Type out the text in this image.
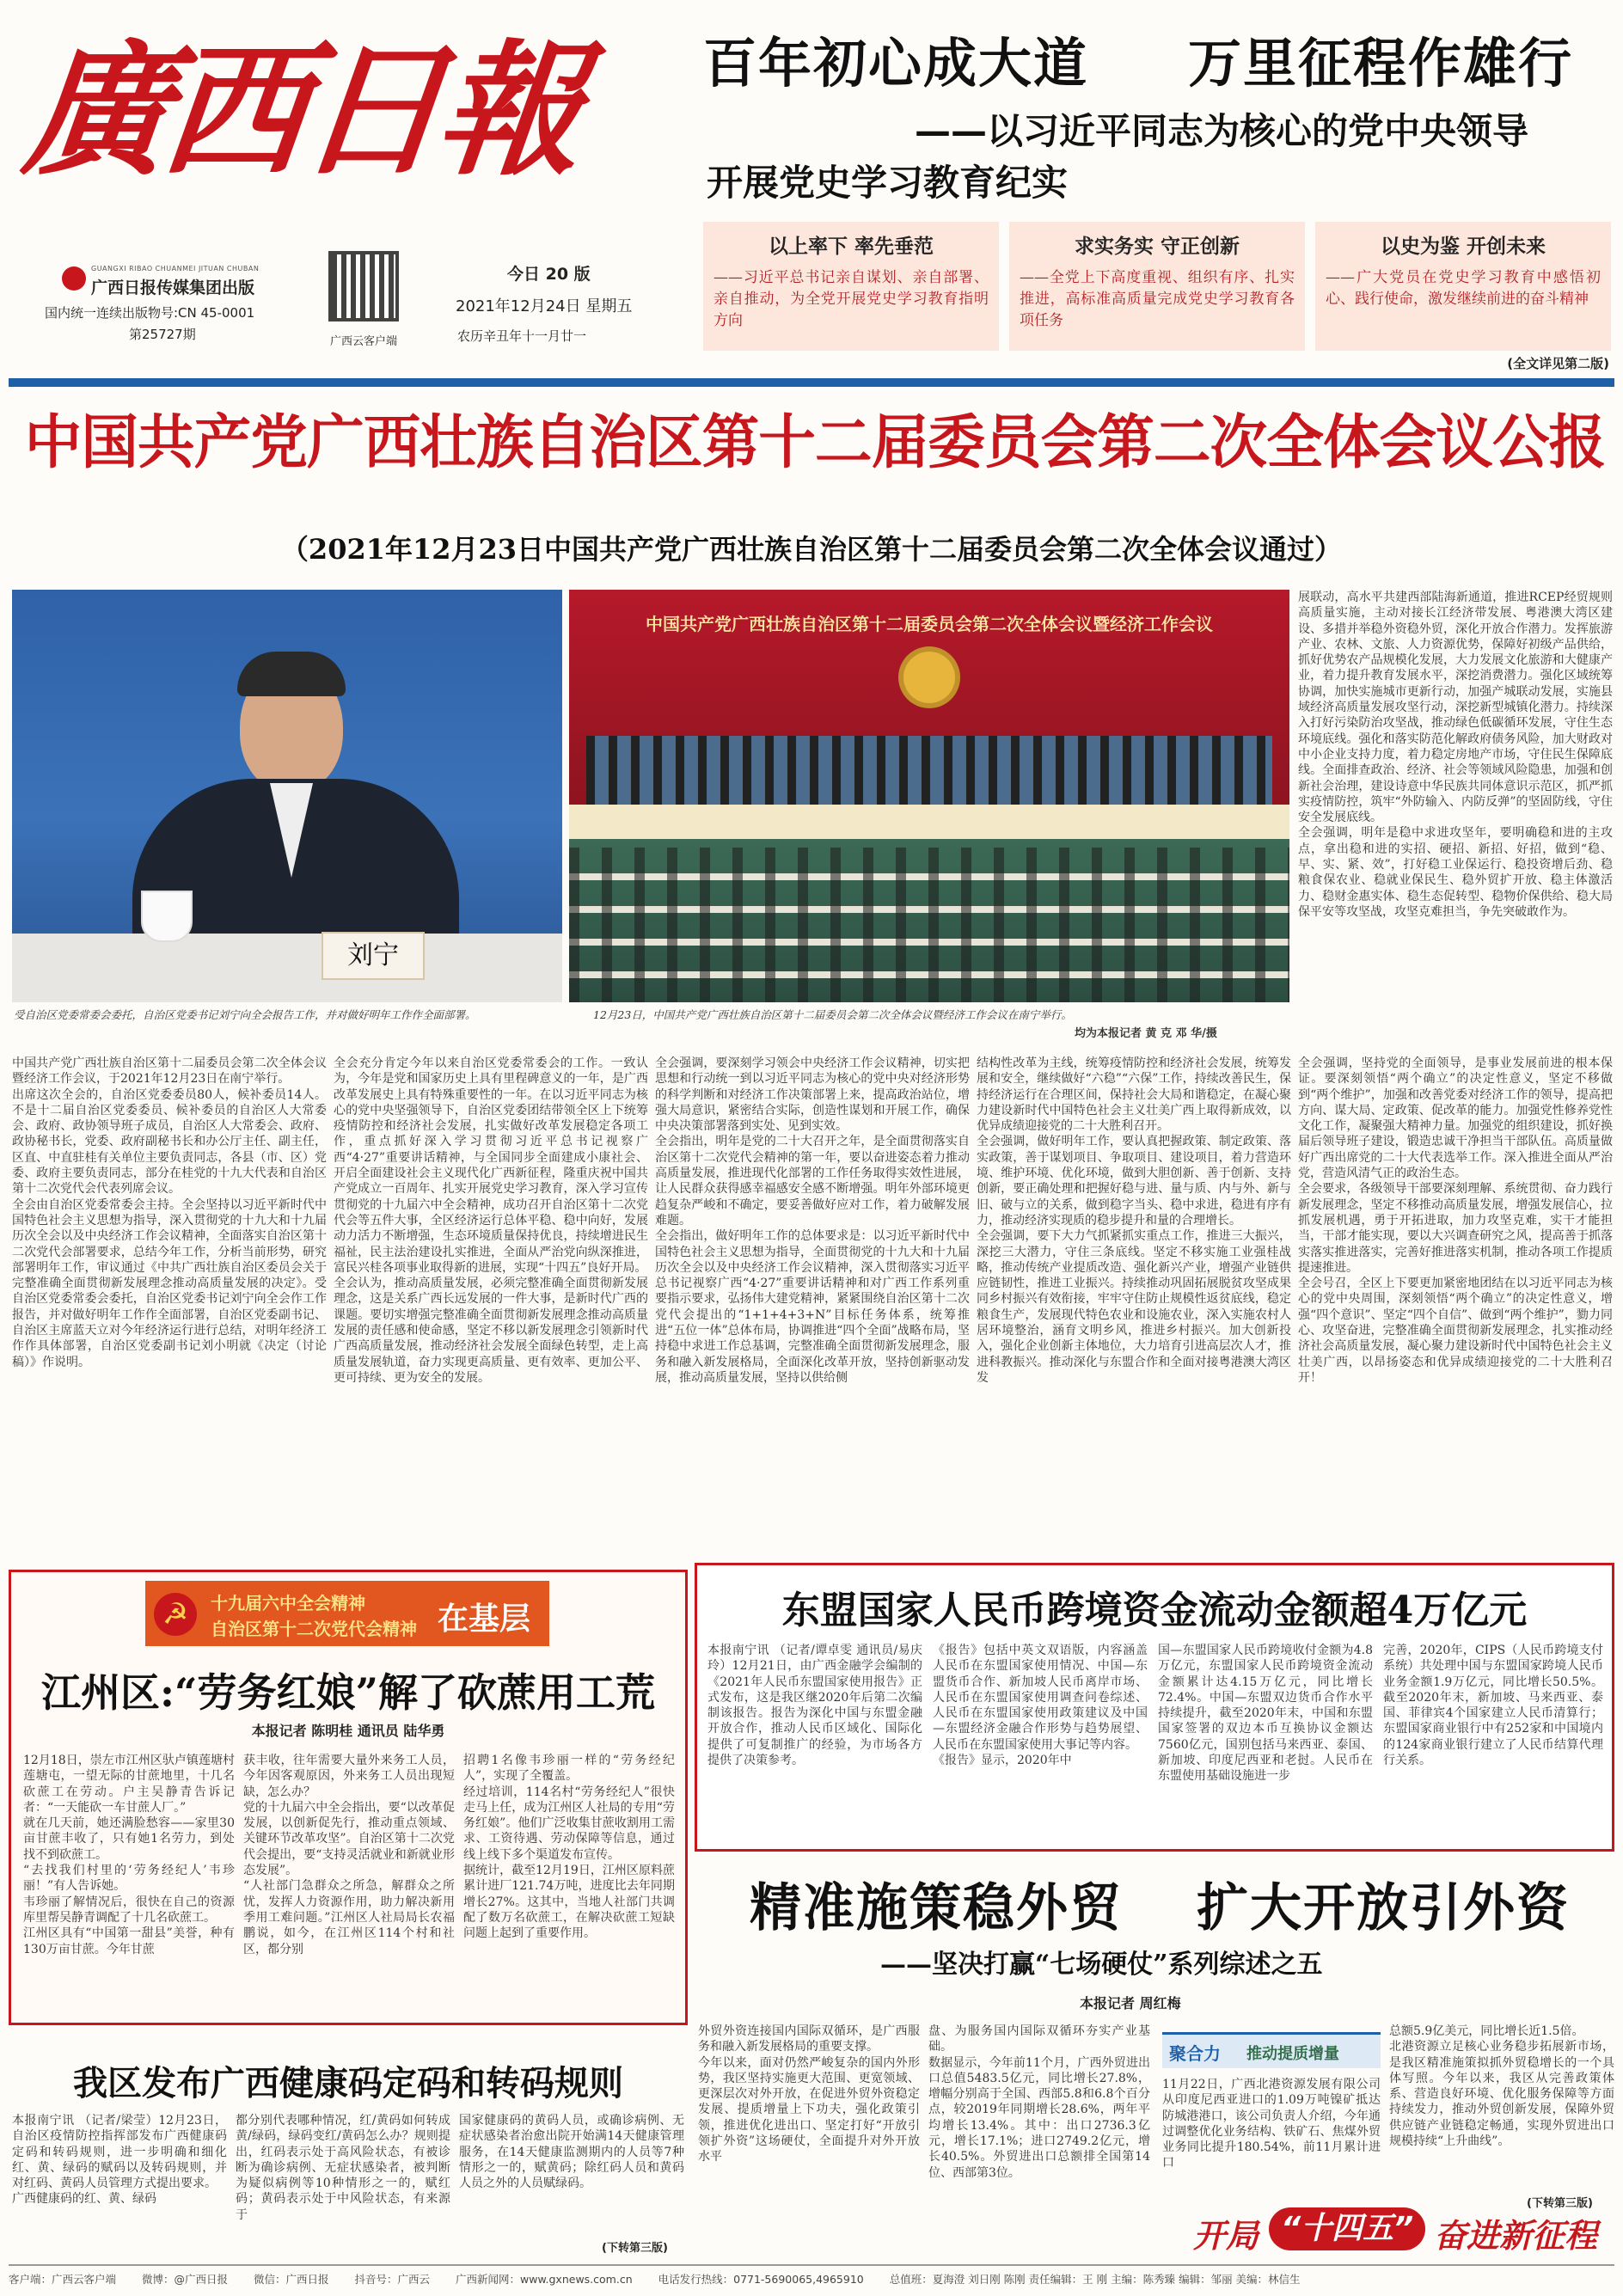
廣西日報
GUANGXI RIBAO CHUANMEI JITUAN CHUBAN
广西日报传媒集团出版
国内统一连续出版物号:CN 45-0001
第25727期	广西云客户端
今日 20 版
2021年12月24日 星期五
农历辛丑年十一月廿一
百年初心成大道 万里征程作雄行
——以习近平同志为核心的党中央领导
开展党史学习教育纪实
以上率下 率先垂范
——习近平总书记亲自谋划、亲自部署、亲自推动，为全党开展党史学习教育指明方向
求实务实 守正创新
——全党上下高度重视、组织有序、扎实推进，高标准高质量完成党史学习教育各项任务
以史为鉴 开创未来
——广大党员在党史学习教育中感悟初心、践行使命，激发继续前进的奋斗精神
(全文详见第二版)
中国共产党广西壮族自治区第十二届委员会第二次全体会议公报
（2021年12月23日中国共产党广西壮族自治区第十二届委员会第二次全体会议通过）
刘宁
受自治区党委常委会委托，自治区党委书记刘宁向全会报告工作，并对做好明年工作作全面部署。
中国共产党广西壮族自治区第十二届委员会第二次全体会议暨经济工作会议
12月23日，中国共产党广西壮族自治区第十二届委员会第二次全体会议暨经济工作会议在南宁举行。
均为本报记者 黄 克 邓 华/摄
中国共产党广西壮族自治区第十二届委员会第二次全体会议暨经济工作会议，于2021年12月23日在南宁举行。
出席这次全会的，自治区党委委员80人，候补委员14人。不是十二届自治区党委委员、候补委员的自治区人大常委会、政府、政协领导班子成员，自治区人大常委会、政府、政协秘书长，党委、政府副秘书长和办公厅主任、副主任，区直、中直驻桂有关单位主要负责同志，各县（市、区）党委、政府主要负责同志，部分在桂党的十九大代表和自治区第十二次党代会代表列席会议。
全会由自治区党委常委会主持。全会坚持以习近平新时代中国特色社会主义思想为指导，深入贯彻党的十九大和十九届历次全会以及中央经济工作会议精神，全面落实自治区第十二次党代会部署要求，总结今年工作，分析当前形势，研究部署明年工作，审议通过《中共广西壮族自治区委员会关于完整准确全面贯彻新发展理念推动高质量发展的决定》。受自治区党委常委会委托，自治区党委书记刘宁向全会作工作报告，并对做好明年工作作全面部署，自治区党委副书记、自治区主席蓝天立对今年经济运行进行总结，对明年经济工作作具体部署，自治区党委副书记刘小明就《决定（讨论稿）》作说明。
全会充分肯定今年以来自治区党委常委会的工作。一致认为，今年是党和国家历史上具有里程碑意义的一年，是广西改革发展史上具有特殊重要性的一年。在以习近平同志为核心的党中央坚强领导下，自治区党委团结带领全区上下统筹疫情防控和经济社会发展，扎实做好改革发展稳定各项工作，重点抓好深入学习贯彻习近平总书记视察广西“4·27”重要讲话精神，与全国同步全面建成小康社会、开启全面建设社会主义现代化广西新征程，隆重庆祝中国共产党成立一百周年、扎实开展党史学习教育，深入学习宣传贯彻党的十九届六中全会精神，成功召开自治区第十二次党代会等五件大事，全区经济运行总体平稳、稳中向好，发展动力活力不断增强，生态环境质量保持优良，持续增进民生福祉，民主法治建设扎实推进，全面从严治党向纵深推进，富民兴桂各项事业取得新的进展，实现“十四五”良好开局。
全会认为，推动高质量发展，必须完整准确全面贯彻新发展理念，这是关系广西长远发展的一件大事，是新时代广西的课题。要切实增强完整准确全面贯彻新发展理念推动高质量发展的责任感和使命感，坚定不移以新发展理念引领新时代广西高质量发展，推动经济社会发展全面绿色转型，走上高质量发展轨道，奋力实现更高质量、更有效率、更加公平、更可持续、更为安全的发展。
全会强调，要深刻学习领会中央经济工作会议精神，切实把思想和行动统一到以习近平同志为核心的党中央对经济形势的科学判断和对经济工作决策部署上来，提高政治站位，增强大局意识，紧密结合实际，创造性谋划和开展工作，确保中央决策部署落到实处、见到实效。
全会指出，明年是党的二十大召开之年，是全面贯彻落实自治区第十二次党代会精神的第一年，要以奋进姿态着力推动高质量发展，推进现代化部署的工作任务取得实效性进展，让人民群众获得感幸福感安全感不断增强。明年外部环境更趋复杂严峻和不确定，要妥善做好应对工作，着力破解发展难题。
全会指出，做好明年工作的总体要求是：以习近平新时代中国特色社会主义思想为指导，全面贯彻党的十九大和十九届历次全会以及中央经济工作会议精神，深入贯彻落实习近平总书记视察广西“4·27”重要讲话精神和对广西工作系列重要指示要求，弘扬伟大建党精神，紧紧围绕自治区第十二次党代会提出的“1+1+4+3+N”目标任务体系，统筹推进“五位一体”总体布局，协调推进“四个全面”战略布局，坚持稳中求进工作总基调，完整准确全面贯彻新发展理念，服务和融入新发展格局，全面深化改革开放，坚持创新驱动发展，推动高质量发展，坚持以供给侧
结构性改革为主线，统筹疫情防控和经济社会发展，统筹发展和安全，继续做好“六稳”“六保”工作，持续改善民生，保持经济运行在合理区间，保持社会大局和谐稳定，在凝心聚力建设新时代中国特色社会主义壮美广西上取得新成效，以优异成绩迎接党的二十大胜利召开。
全会强调，做好明年工作，要认真把握政策、制定政策、落实政策，善于谋划项目、争取项目、建设项目，着力营造环境、维护环境、优化环境，做到大胆创新、善于创新、支持创新，要正确处理和把握好稳与进、量与质、内与外、新与旧、破与立的关系，做到稳字当头、稳中求进，稳进有序有力，推动经济实现质的稳步提升和量的合理增长。
全会强调，要下大力气抓紧抓实重点工作，推进三大振兴，深挖三大潜力，守住三条底线。坚定不移实施工业强桂战略，推动传统产业提质改造、强化新兴产业，增强产业链供应链韧性，推进工业振兴。持续推动巩固拓展脱贫攻坚成果同乡村振兴有效衔接，牢牢守住防止规模性返贫底线，稳定粮食生产，发展现代特色农业和设施农业，深入实施农村人居环境整治，涵育文明乡风，推进乡村振兴。加大创新投入，强化企业创新主体地位，大力培育引进高层次人才，推进科教振兴。推动深化与东盟合作和全面对接粤港澳大湾区发
展联动，高水平共建西部陆海新通道，推进RCEP经贸规则高质量实施，主动对接长江经济带发展、粤港澳大湾区建设、多措并举稳外资稳外贸，深化开放合作潜力。发挥旅游产业、农林、文旅、人力资源优势，保障好初级产品供给，抓好优势农产品规模化发展，大力发展文化旅游和大健康产业，着力提升教育发展水平，深挖消费潜力。强化区域统筹协调，加快实施城市更新行动，加强产城联动发展，实施县域经济高质量发展攻坚行动，深挖新型城镇化潜力。持续深入打好污染防治攻坚战，推动绿色低碳循环发展，守住生态环境底线。强化和落实防范化解政府债务风险，加大财政对中小企业支持力度，着力稳定房地产市场，守住民生保障底线。全面排查政治、经济、社会等领域风险隐患，加强和创新社会治理，建设诗意中华民族共同体意识示范区，抓严抓实疫情防控，筑牢“外防输入、内防反弹”的坚固防线，守住安全发展底线。
全会强调，明年是稳中求进攻坚年，要明确稳和进的主攻点，拿出稳和进的实招、硬招、新招、好招，做到“稳、早、实、紧、效”，打好稳工业保运行、稳投资增后劲、稳粮食保农业、稳就业保民生、稳外贸扩开放、稳主体激活力、稳财金惠实体、稳生态促转型、稳物价保供给、稳大局保平安等攻坚战，攻坚克难担当，争先突破敢作为。
全会强调，坚持党的全面领导，是事业发展前进的根本保证。要深刻领悟“两个确立”的决定性意义，坚定不移做到“两个维护”，加强和改善党委对经济工作的领导，提高把方向、谋大局、定政策、促改革的能力。加强党性修养党性文化工作，凝聚强大精神力量。加强党的组织建设，抓好换届后领导班子建设，锻造忠诚干净担当干部队伍。高质量做好广西出席党的二十大代表选举工作。深入推进全面从严治党，营造风清气正的政治生态。
全会要求，各级领导干部要深刻理解、系统贯彻、奋力践行新发展理念，坚定不移推动高质量发展，增强发展信心，拉抓发展机遇，勇于开拓进取，加力攻坚克难，实干才能担当，干部才能实现，要以大兴调查研究之风，提高善于抓落实落实推进落实，完善好推进落实机制，推动各项工作提质提速推进。
全会号召，全区上下要更加紧密地团结在以习近平同志为核心的党中央周围，深刻领悟“两个确立”的决定性意义，增强“四个意识”、坚定“四个自信”、做到“两个维护”，勠力同心、攻坚奋进，完整准确全面贯彻新发展理念，扎实推动经济社会高质量发展，凝心聚力建设新时代中国特色社会主义壮美广西，以昂扬姿态和优异成绩迎接党的二十大胜利召开！
☭	十九届六中全会精神
自治区第十二次党代会精神 在基层
江州区:“劳务红娘”解了砍蔗用工荒
本报记者 陈明桂 通讯员 陆华勇
12月18日，崇左市江州区驮卢镇莲塘村莲塘屯，一望无际的甘蔗地里，十几名砍蔗工在劳动。户主吴静青告诉记者：“一天能砍一车甘蔗人厂。”
就在几天前，她还满脸愁容——家里30亩甘蔗丰收了，只有她1名劳力，到处找不到砍蔗工。
“去找我们村里的‘劳务经纪人’韦珍丽！”有人告诉她。
韦珍丽了解情况后，很快在自己的资源库里帮吴静青调配了十几名砍蔗工。
江州区具有“中国第一甜县”美誉，种有130万亩甘蔗。今年甘蔗
获丰收，往年需要大量外来务工人员，今年因客观原因，外来务工人员出现短缺，怎么办？
党的十九届六中全会指出，要“以改革促发展，以创新促先行，推动重点领域、关键环节改革攻坚”。自治区第十二次党代会提出，要“支持灵活就业和新就业形态发展”。
“人社部门急群众之所急，解群众之所忧，发挥人力资源作用，助力解决新用季用工难问题。”江州区人社局局长农福鹏说，如今，在江州区114个村和社区，都分别
招聘1名像韦珍丽一样的“劳务经纪人”，实现了全覆盖。
经过培训，114名村“劳务经纪人”很快走马上任，成为江州区人社局的专用“劳务红娘”。他们广泛收集甘蔗收割用工需求、工资待遇、劳动保障等信息，通过线上线下多个渠道发布宣传。
据统计，截至12月19日，江州区原料蔗累计进厂121.74万吨，进度比去年同期增长27%。这其中，当地人社部门共调配了数万名砍蔗工，在解决砍蔗工短缺问题上起到了重要作用。
我区发布广西健康码定码和转码规则
本报南宁讯 （记者/梁莹）12月23日，自治区疫情防控指挥部发布广西健康码定码和转码规则，进一步明确和细化红、黄、绿码的赋码以及转码规则，并对红码、黄码人员管理方式提出要求。
广西健康码的红、黄、绿码
都分别代表哪种情况，红/黄码如何转成黄/绿码，绿码变红/黄码怎么办？规则提出，红码表示处于高风险状态，有被诊断为确诊病例、无症状感染者，被判断为疑似病例等10种情形之一的，赋红码；黄码表示处于中风险状态，有来源于
国家健康码的黄码人员，或确诊病例、无症状感染者治愈出院开始满14天健康管理服务，在14天健康监测期内的人员等7种情形之一的，赋黄码；除红码人员和黄码人员之外的人员赋绿码。
(下转第三版)
东盟国家人民币跨境资金流动金额超4万亿元
本报南宁讯 （记者/谭卓雯 通讯员/易庆玲）12月21日，由广西金融学会编制的《2021年人民币东盟国家使用报告》正式发布，这是我区继2020年后第二次编制该报告。报告为深化中国与东盟金融开放合作，推动人民币区域化、国际化提供了可复制推广的经验，为市场各方提供了决策参考。
《报告》包括中英文双语版，内容涵盖人民币在东盟国家使用情况、中国—东盟货币合作、新加坡人民币离岸市场、人民币在东盟国家使用调查问卷综述、人民币在东盟国家使用政策建议及中国—东盟经济金融合作形势与趋势展望、人民币在东盟国家使用大事记等内容。
《报告》显示，2020年中
国—东盟国家人民币跨境收付金额为4.8万亿元，东盟国家人民币跨境资金流动金额累计达4.15万亿元，同比增长72.4%。中国—东盟双边货币合作水平持续提升，截至2020年末，中国和东盟国家签署的双边本币互换协议金额达7560亿元，国别包括马来西亚、泰国、新加坡、印度尼西亚和老挝。人民币在东盟使用基础设施进一步
完善，2020年，CIPS（人民币跨境支付系统）共处理中国与东盟国家跨境人民币业务金额1.9万亿元，同比增长50.5%。截至2020年末，新加坡、马来西亚、泰国、菲律宾4个国家建立人民币清算行；东盟国家商业银行中有252家和中国境内的124家商业银行建立了人民币结算代理行关系。
精准施策稳外贸 扩大开放引外资
——坚决打赢“七场硬仗”系列综述之五
本报记者 周红梅
外贸外资连接国内国际双循环，是广西服务和融入新发展格局的重要支撑。
今年以来，面对仍然严峻复杂的国内外形势，我区坚持实施更大范围、更宽领域、更深层次对外开放，在促进外贸外资稳定发展、提质增量上下功夫，强化政策引领，推进优化进出口、坚定打好“开放引领扩外资”这场硬仗，全面提升对外开放水平
盘、为服务国内国际双循环夯实产业基础。
数据显示，今年前11个月，广西外贸进出口总值5483.5亿元，同比增长27.8%，增幅分别高于全国、西部5.8和6.8个百分点，较2019年同期增长28.6%，两年平均增长13.4%。其中：出口2736.3亿元，增长17.1%；进口2749.2亿元，增长40.5%。外贸进出口总额排全国第14位、西部第3位。
聚合力 推动提质增量
11月22日，广西北港资源发展有限公司从印度尼西亚进口的1.09万吨镍矿抵达防城港港口，该公司负责人介绍，今年通过调整优化业务结构、铁矿石、焦煤外贸业务同比提升180.54%，前11月累计进口
总额5.9亿美元，同比增长近1.5倍。
北港资源立足核心业务稳步拓展新市场，是我区精准施策拟抓外贸稳增长的一个具体写照。今年以来，我区从完善政策体系、营造良好环境、优化服务保障等方面持续发力，推动外贸创新发展，保障外贸供应链产业链稳定畅通，实现外贸进出口规模持续“上升曲线”。
(下转第三版)
开局 “十四五” 奋进新征程
客户端：广西云客户端 微博：@广西日报 微信：广西日报 抖音号：广西云 广西新闻网：www.gxnews.com.cn 电话发行热线：0771-5690065,4965910 总值班：夏海澄 刘日刚 陈刚 责任编辑：王 刚 主编：陈秀臻 编辑：邹丽 美编：林信生
